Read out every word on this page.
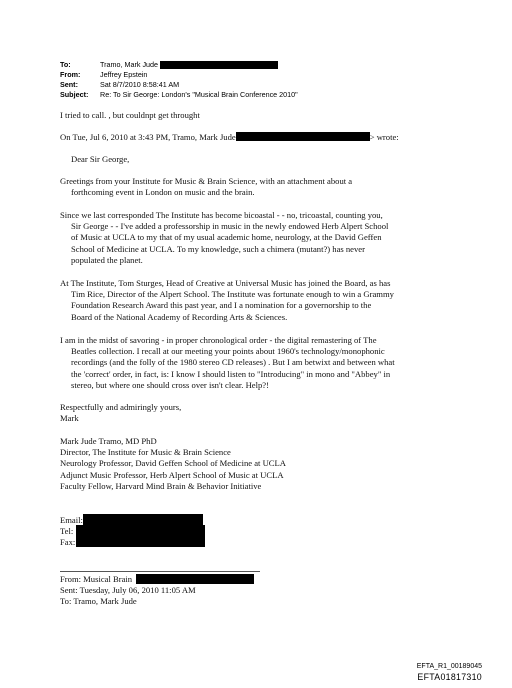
To:	Tramo, Mark Jude
From:	Jeffrey Epstein
Sent:	Sat 8/7/2010 8:58:41 AM
Subject:	Re: To Sir George: London's "Musical Brain Conference 2010"
I tried to call. , but couldnpt get throught
On Tue, Jul 6, 2010 at 3:43 PM, Tramo, Mark Jude	> wrote:
Dear Sir George,
Greetings from your Institute for Music & Brain Science, with an attachment about a
forthcoming event in London on music and the brain.
Since we last corresponded The Institute has become bicoastal - - no, tricoastal, counting you,
Sir George - - I've added a professorship in music in the newly endowed Herb Alpert School
of Music at UCLA to my that of my usual academic home, neurology, at the David Geffen
School of Medicine at UCLA. To my knowledge, such a chimera (mutant?) has never
populated the planet.
At The Institute, Tom Sturges, Head of Creative at Universal Music has joined the Board, as has
Tim Rice, Director of the Alpert School. The Institute was fortunate enough to win a Grammy
Foundation Research Award this past year, and I a nomination for a governorship to the
Board of the National Academy of Recording Arts & Sciences.
I am in the midst of savoring - in proper chronological order - the digital remastering of The
Beatles collection. I recall at our meeting your points about 1960's technology/monophonic
recordings (and the folly of the 1980 stereo CD releases) . But I am betwixt and between what
the 'correct' order, in fact, is: I know I should listen to "Introducing" in mono and "Abbey" in
stereo, but where one should cross over isn't clear. Help?!
Respectfully and admiringly yours,
Mark
Mark Jude Tramo, MD PhD
Director, The Institute for Music & Brain Science
Neurology Professor, David Geffen School of Medicine at UCLA
Adjunct Music Professor, Herb Alpert School of Music at UCLA
Faculty Fellow, Harvard Mind Brain & Behavior Initiative
Email:
Tel:
Fax:
From: Musical Brain
Sent: Tuesday, July 06, 2010 11:05 AM
To: Tramo, Mark Jude
EFTA_R1_00189045
EFTA01817310
